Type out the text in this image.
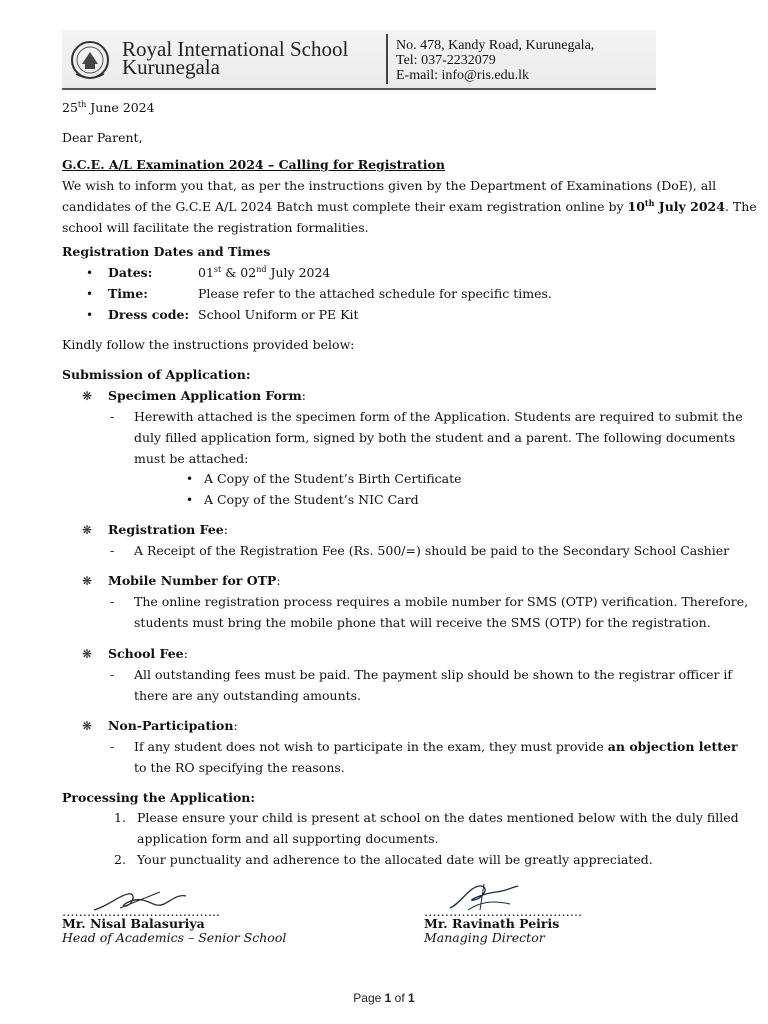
Royal International School
Kurunegala
No. 478, Kandy Road, Kurunegala,
Tel: 037-2232079
E-mail: info@ris.edu.lk
25th June 2024
Dear Parent,
G.C.E. A/L Examination 2024 – Calling for Registration
We wish to inform you that, as per the instructions given by the Department of Examinations (DoE), all
candidates of the G.C.E A/L 2024 Batch must complete their exam registration online by 10th July 2024. The
school will facilitate the registration formalities.
Registration Dates and Times
• Dates:	01st & 02nd July 2024
• Time:	Please refer to the attached schedule for specific times.
• Dress code: School Uniform or PE Kit
Kindly follow the instructions provided below:
Submission of Application:
❋ Specimen Application Form:
- Herewith attached is the specimen form of the Application. Students are required to submit the
duly filled application form, signed by both the student and a parent. The following documents
must be attached:
• A Copy of the Student’s Birth Certificate
• A Copy of the Student’s NIC Card
❋ Registration Fee:
- A Receipt of the Registration Fee (Rs. 500/=) should be paid to the Secondary School Cashier
❋ Mobile Number for OTP:
- The online registration process requires a mobile number for SMS (OTP) verification. Therefore,
students must bring the mobile phone that will receive the SMS (OTP) for the registration.
❋ School Fee:
- All outstanding fees must be paid. The payment slip should be shown to the registrar officer if
there are any outstanding amounts.
❋ Non-Participation:
- If any student does not wish to participate in the exam, they must provide an objection letter
to the RO specifying the reasons.
Processing the Application:
1. Please ensure your child is present at school on the dates mentioned below with the duly filled
application form and all supporting documents.
2. Your punctuality and adherence to the allocated date will be greatly appreciated.
………………………………..
Mr. Nisal Balasuriya
Head of Academics – Senior School
………………………………..
Mr. Ravinath Peiris
Managing Director
Page 1 of 1
